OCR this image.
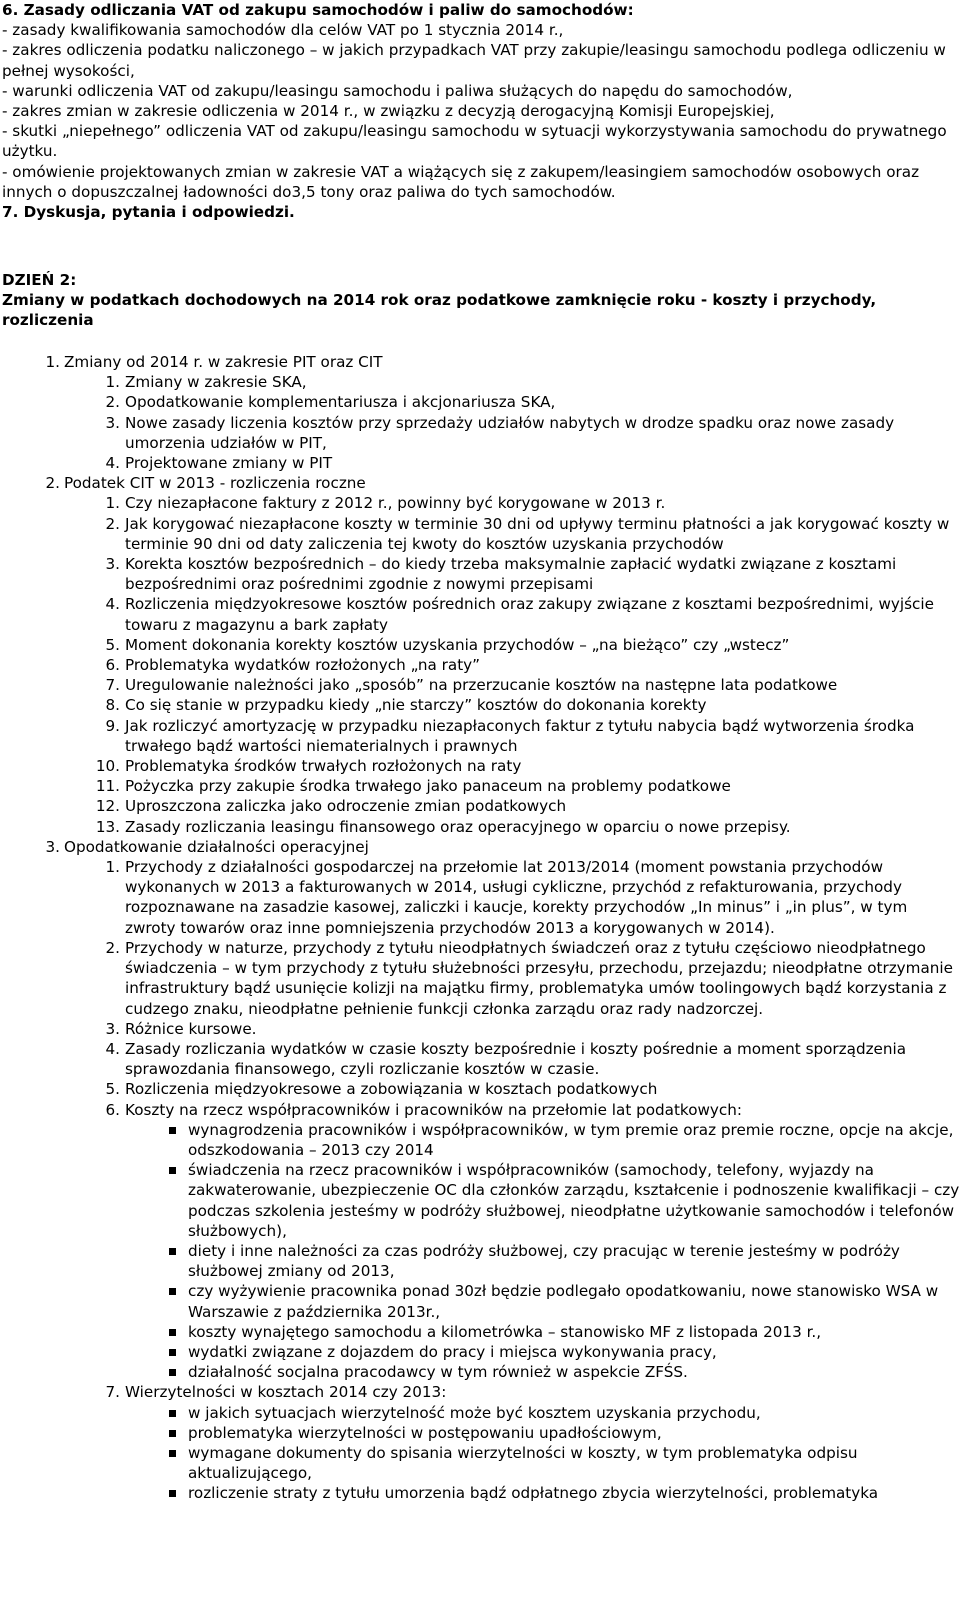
6. Zasady odliczania VAT od zakupu samochodów i paliw do samochodów:

- zasady kwalifikowania samochodów dla celów VAT po 1 stycznia 2014 r.,

- zakres odliczenia podatku naliczonego – w jakich przypadkach VAT przy zakupie/leasingu samochodu podlega odliczeniu w pełnej wysokości,

- warunki odliczenia VAT od zakupu/leasingu samochodu i paliwa służących do napędu do samochodów,

- zakres zmian w zakresie odliczenia w 2014 r., w związku z decyzją derogacyjną Komisji Europejskiej,

- skutki „niepełnego” odliczenia VAT od zakupu/leasingu samochodu w sytuacji wykorzystywania samochodu do prywatnego użytku.

- omówienie projektowanych zmian w zakresie VAT a wiążących się z zakupem/leasingiem samochodów osobowych oraz innych o dopuszczalnej ładowności do3,5 tony oraz paliwa do tych samochodów.

7. Dyskusja, pytania i odpowiedzi.

DZIEŃ 2:

Zmiany w podatkach dochodowych na 2014 rok oraz podatkowe zamknięcie roku - koszty i przychody, rozliczenia

1. Zmiany od 2014 r. w zakresie PIT oraz CIT
1. Zmiany w zakresie SKA,
2. Opodatkowanie komplementariusza i akcjonariusza SKA,
3. Nowe zasady liczenia kosztów przy sprzedaży udziałów nabytych w drodze spadku oraz nowe zasady umorzenia udziałów w PIT,
4. Projektowane zmiany w PIT
2. Podatek CIT w 2013 - rozliczenia roczne
1. Czy niezapłacone faktury z 2012 r., powinny być korygowane w 2013 r.
2. Jak korygować niezapłacone koszty w terminie 30 dni od upływy terminu płatności a jak korygować koszty w terminie 90 dni od daty zaliczenia tej kwoty do kosztów uzyskania przychodów
3. Korekta kosztów bezpośrednich – do kiedy trzeba maksymalnie zapłacić wydatki związane z kosztami bezpośrednimi oraz pośrednimi zgodnie z nowymi przepisami
4. Rozliczenia międzyokresowe kosztów pośrednich oraz zakupy związane z kosztami bezpośrednimi, wyjście towaru z magazynu a bark zapłaty
5. Moment dokonania korekty kosztów uzyskania przychodów – „na bieżąco” czy „wstecz”
6. Problematyka wydatków rozłożonych „na raty”
7. Uregulowanie należności jako „sposób” na przerzucanie kosztów na następne lata podatkowe
8. Co się stanie w przypadku kiedy „nie starczy” kosztów do dokonania korekty
9. Jak rozliczyć amortyzację w przypadku niezapłaconych faktur z tytułu nabycia bądź wytworzenia środka trwałego bądź wartości niematerialnych i prawnych
10. Problematyka środków trwałych rozłożonych na raty
11. Pożyczka przy zakupie środka trwałego jako panaceum na problemy podatkowe
12. Uproszczona zaliczka jako odroczenie zmian podatkowych
13. Zasady rozliczania leasingu finansowego oraz operacyjnego w oparciu o nowe przepisy.
3. Opodatkowanie działalności operacyjnej
1. Przychody z działalności gospodarczej na przełomie lat 2013/2014 (moment powstania przychodów wykonanych w 2013 a fakturowanych w 2014, usługi cykliczne, przychód z refakturowania, przychody rozpoznawane na zasadzie kasowej, zaliczki i kaucje, korekty przychodów „In minus” i „in plus”, w tym zwroty towarów oraz inne pomniejszenia przychodów 2013 a korygowanych w 2014).
2. Przychody w naturze, przychody z tytułu nieodpłatnych świadczeń oraz z tytułu częściowo nieodpłatnego świadczenia – w tym przychody z tytułu służebności przesyłu, przechodu, przejazdu; nieodpłatne otrzymanie infrastruktury bądź usunięcie kolizji na majątku firmy, problematyka umów toolingowych bądź korzystania z cudzego znaku, nieodpłatne pełnienie funkcji członka zarządu oraz rady nadzorczej.
3. Różnice kursowe.
4. Zasady rozliczania wydatków w czasie koszty bezpośrednie i koszty pośrednie a moment sporządzenia sprawozdania finansowego, czyli rozliczanie kosztów w czasie.
5. Rozliczenia międzyokresowe a zobowiązania w kosztach podatkowych
6. Koszty na rzecz współpracowników i pracowników na przełomie lat podatkowych:
wynagrodzenia pracowników i współpracowników, w tym premie oraz premie roczne, opcje na akcje, odszkodowania – 2013 czy 2014
świadczenia na rzecz pracowników i współpracowników (samochody, telefony, wyjazdy na zakwaterowanie, ubezpieczenie OC dla członków zarządu, kształcenie i podnoszenie kwalifikacji – czy podczas szkolenia jesteśmy w podróży służbowej, nieodpłatne użytkowanie samochodów i telefonów służbowych),
diety i inne należności za czas podróży służbowej, czy pracując w terenie jesteśmy w podróży służbowej zmiany od 2013,
czy wyżywienie pracownika ponad 30zł będzie podlegało opodatkowaniu, nowe stanowisko WSA w Warszawie z października 2013r.,
koszty wynajętego samochodu a kilometrówka – stanowisko MF z listopada 2013 r.,
wydatki związane z dojazdem do pracy i miejsca wykonywania pracy,
działalność socjalna pracodawcy w tym również w aspekcie ZFŚS.
7. Wierzytelności w kosztach 2014 czy 2013:
w jakich sytuacjach wierzytelność może być kosztem uzyskania przychodu,
problematyka wierzytelności w postępowaniu upadłościowym,
wymagane dokumenty do spisania wierzytelności w koszty, w tym problematyka odpisu aktualizującego,
rozliczenie straty z tytułu umorzenia bądź odpłatnego zbycia wierzytelności, problematyka
